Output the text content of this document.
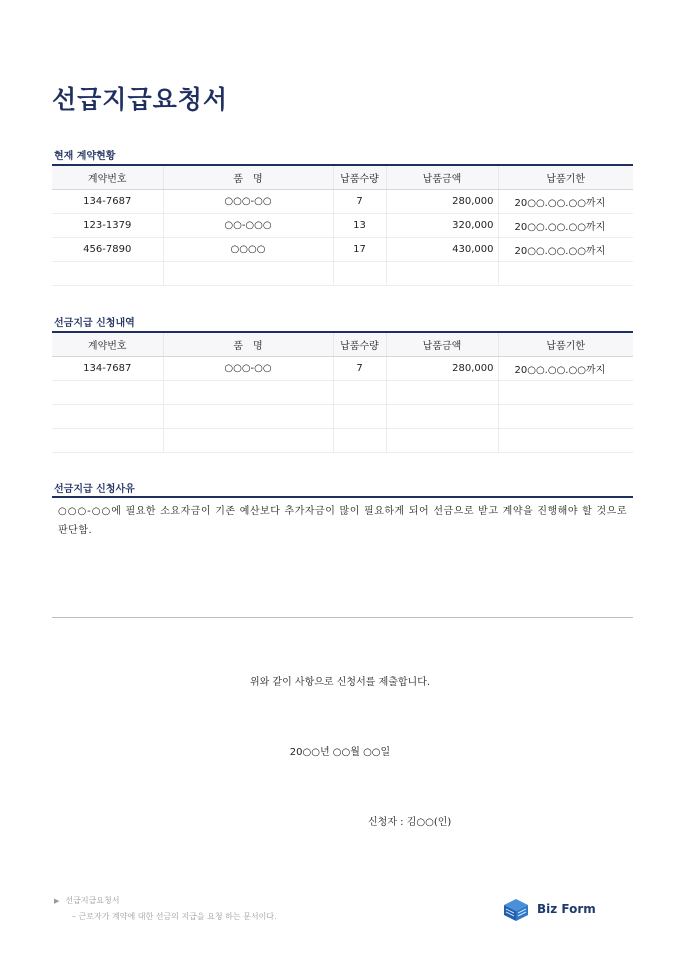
선급지급요청서
현재 계약현황
계약번호	품　명	납품수량	납품금액	납품기한
134-7687	○○○-○○	7	280,000	20○○.○○.○○까지
123-1379	○○-○○○	13	320,000	20○○.○○.○○까지
456-7890	○○○○	17	430,000	20○○.○○.○○까지

선금지급 신청내역
계약번호	품　명	납품수량	납품금액	납품기한
134-7687	○○○-○○	7	280,000	20○○.○○.○○까지

선금지급 신청사유

○○○-○○에 필요한 소요자금이 기존 예산보다 추가자금이 많이 필요하게 되어 선금으로 받고 계약을 진행해야 할 것으로 판단함.

위와 같이 사항으로 신청서를 제출합니다.

20○○년 ○○월 ○○일

신청자 : 김○○(인)
▶ 선급지급요청서
– 근로자가 계약에 대한 선금의 지급을 요청 하는 문서이다.
Biz Form
